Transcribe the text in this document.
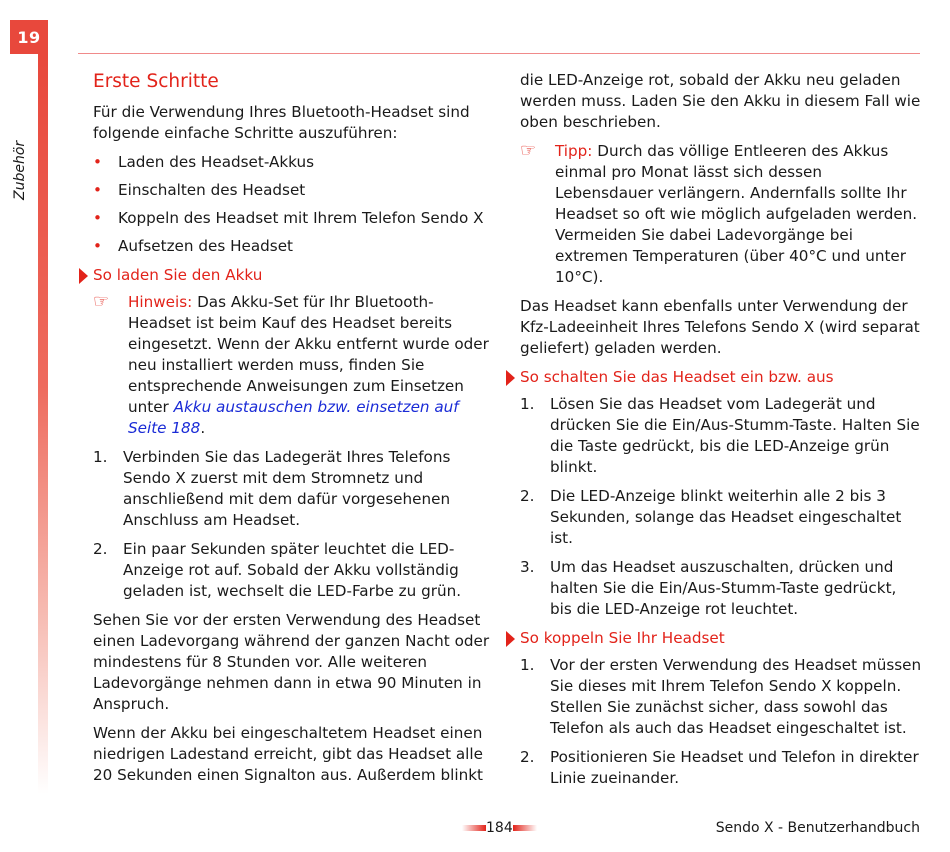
19
Zubehör
Erste Schritte

Für die Verwendung Ihres Bluetooth-Headset sind folgende einfache Schritte auszuführen:

• Laden des Headset-Akkus
• Einschalten des Headset
• Koppeln des Headset mit Ihrem Telefon Sendo X
• Aufsetzen des Headset
So laden Sie den Akku
☞ Hinweis: Das Akku-Set für Ihr Bluetooth-Headset ist beim Kauf des Headset bereits eingesetzt. Wenn der Akku entfernt wurde oder neu installiert werden muss, finden Sie entsprechende Anweisungen zum Einsetzen unter Akku austauschen bzw. einsetzen auf Seite 188.
1. Verbinden Sie das Ladegerät Ihres Telefons Sendo X zuerst mit dem Stromnetz und anschließend mit dem dafür vorgesehenen Anschluss am Headset.
2. Ein paar Sekunden später leuchtet die LED-Anzeige rot auf. Sobald der Akku vollständig geladen ist, wechselt die LED-Farbe zu grün.

Sehen Sie vor der ersten Verwendung des Headset einen Ladevorgang während der ganzen Nacht oder mindestens für 8 Stunden vor. Alle weiteren Ladevorgänge nehmen dann in etwa 90 Minuten in Anspruch.

Wenn der Akku bei eingeschaltetem Headset einen niedrigen Ladestand erreicht, gibt das Headset alle 20 Sekunden einen Signalton aus. Außerdem blinkt

die LED-Anzeige rot, sobald der Akku neu geladen werden muss. Laden Sie den Akku in diesem Fall wie oben beschrieben.

☞ Tipp: Durch das völlige Entleeren des Akkus einmal pro Monat lässt sich dessen Lebensdauer verlängern. Andernfalls sollte Ihr Headset so oft wie möglich aufgeladen werden. Vermeiden Sie dabei Ladevorgänge bei extremen Temperaturen (über 40°C und unter 10°C).

Das Headset kann ebenfalls unter Verwendung der Kfz-Ladeeinheit Ihres Telefons Sendo X (wird separat geliefert) geladen werden.

So schalten Sie das Headset ein bzw. aus
1. Lösen Sie das Headset vom Ladegerät und drücken Sie die Ein/Aus-Stumm-Taste. Halten Sie die Taste gedrückt, bis die LED-Anzeige grün blinkt.
2. Die LED-Anzeige blinkt weiterhin alle 2 bis 3 Sekunden, solange das Headset eingeschaltet ist.
3. Um das Headset auszuschalten, drücken und halten Sie die Ein/Aus-Stumm-Taste gedrückt, bis die LED-Anzeige rot leuchtet.
So koppeln Sie Ihr Headset
1. Vor der ersten Verwendung des Headset müssen Sie dieses mit Ihrem Telefon Sendo X koppeln. Stellen Sie zunächst sicher, dass sowohl das Telefon als auch das Headset eingeschaltet ist.
2. Positionieren Sie Headset und Telefon in direkter Linie zueinander.
184	Sendo X - Benutzerhandbuch
